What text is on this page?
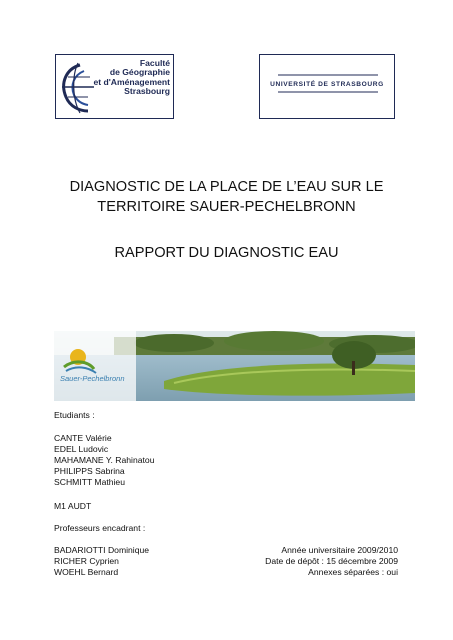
Faculté
de Géographie
et d'Aménagement
Strasbourg
UNIVERSITÉ DE STRASBOURG
DIAGNOSTIC DE LA PLACE DE L’EAU SUR LE
TERRITOIRE SAUER-PECHELBRONN
RAPPORT DU DIAGNOSTIC EAU
Sauer-Pechelbronn
Etudiants :
CANTE Valérie
EDEL Ludovic
MAHAMANE Y. Rahinatou
PHILIPPS Sabrina
SCHMITT Mathieu
M1 AUDT
Professeurs encadrant :
BADARIOTTI Dominique
RICHER Cyprien
WOEHL Bernard
Année universitaire 2009/2010
Date de dépôt : 15 décembre 2009
Annexes séparées : oui
